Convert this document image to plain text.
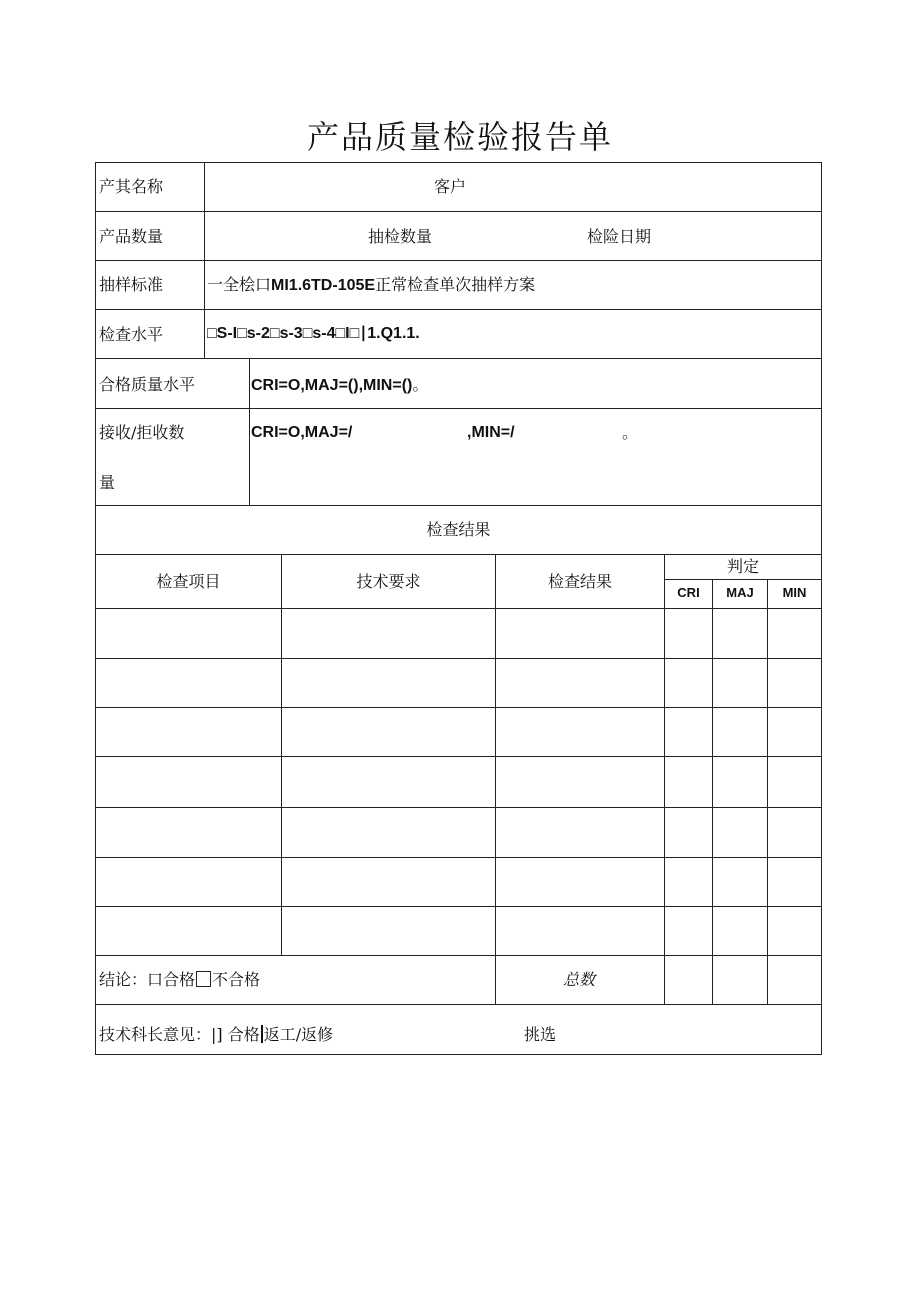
产品质量检验报告单
产其名称	客户
产品数量	抽检数量	检险日期
抽样标准	一全桧口MI1.6TD-105E正常检查单次抽样方案
检查水平	□S-I□s-2□s-3□s-4□I□∣1.Q1.1.
合格质量水平	CRI=O,MAJ=(),MIN=()。
接收/拒收数
量
CRI=O,MAJ=/	,MIN=/	。
检查结果
检查项目	技术要求	检查结果
判定
CRI	MAJ	MIN
结论：口合格 不合格	总数
技术科长意见：|] 合格 返工/返修	挑选
